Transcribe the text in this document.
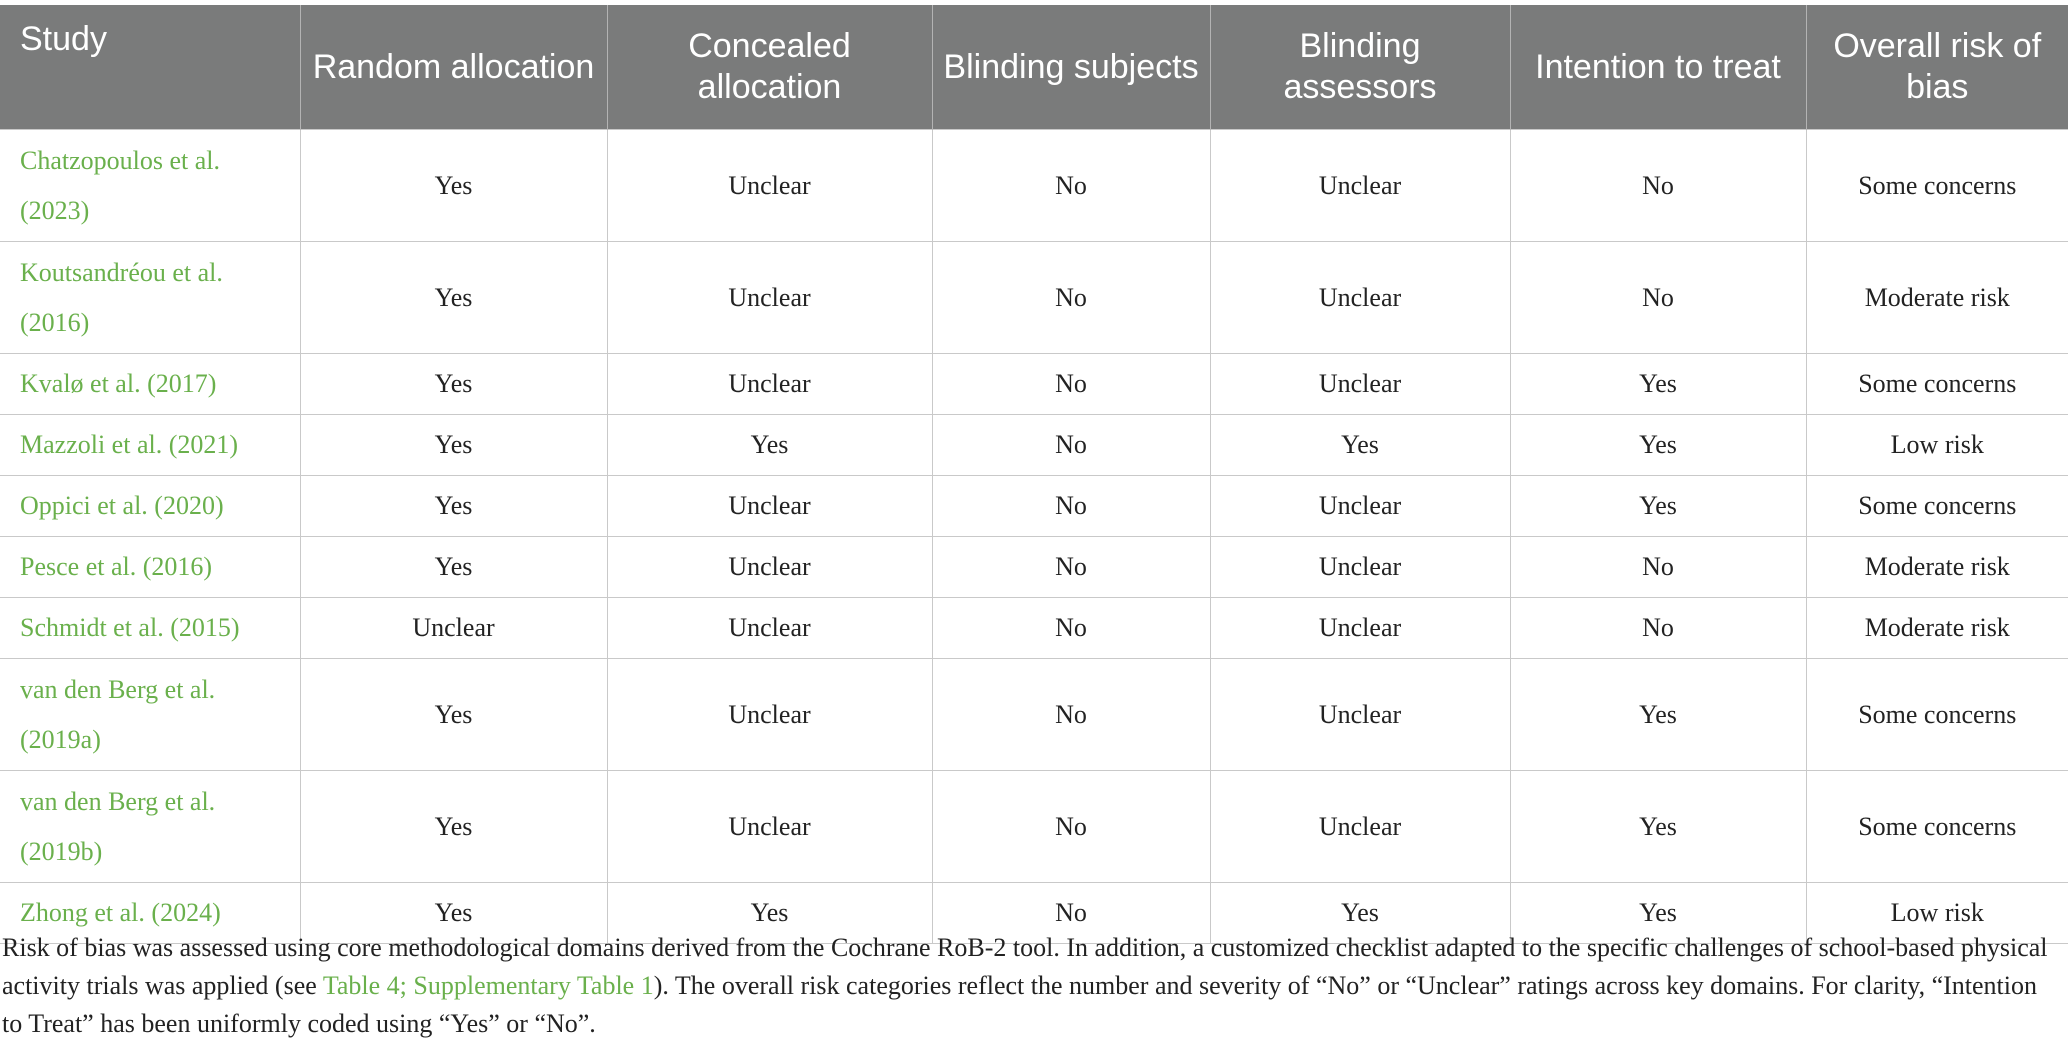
Study	Random allocation	Concealed allocation	Blinding subjects	Blinding assessors	Intention to treat	Overall risk of bias
Chatzopoulos et al. (2023)	Yes	Unclear	No	Unclear	No	Some concerns
Koutsandréou et al. (2016)	Yes	Unclear	No	Unclear	No	Moderate risk
Kvalø et al. (2017)	Yes	Unclear	No	Unclear	Yes	Some concerns
Mazzoli et al. (2021)	Yes	Yes	No	Yes	Yes	Low risk
Oppici et al. (2020)	Yes	Unclear	No	Unclear	Yes	Some concerns
Pesce et al. (2016)	Yes	Unclear	No	Unclear	No	Moderate risk
Schmidt et al. (2015)	Unclear	Unclear	No	Unclear	No	Moderate risk
van den Berg et al. (2019a)	Yes	Unclear	No	Unclear	Yes	Some concerns
van den Berg et al. (2019b)	Yes	Unclear	No	Unclear	Yes	Some concerns
Zhong et al. (2024)	Yes	Yes	No	Yes	Yes	Low risk
Risk of bias was assessed using core methodological domains derived from the Cochrane RoB-2 tool. In addition, a customized checklist adapted to the specific challenges of school-based physical activity trials was applied (see Table 4; Supplementary Table 1). The overall risk categories reflect the number and severity of “No” or “Unclear” ratings across key domains. For clarity, “Intention to Treat” has been uniformly coded using “Yes” or “No”.
